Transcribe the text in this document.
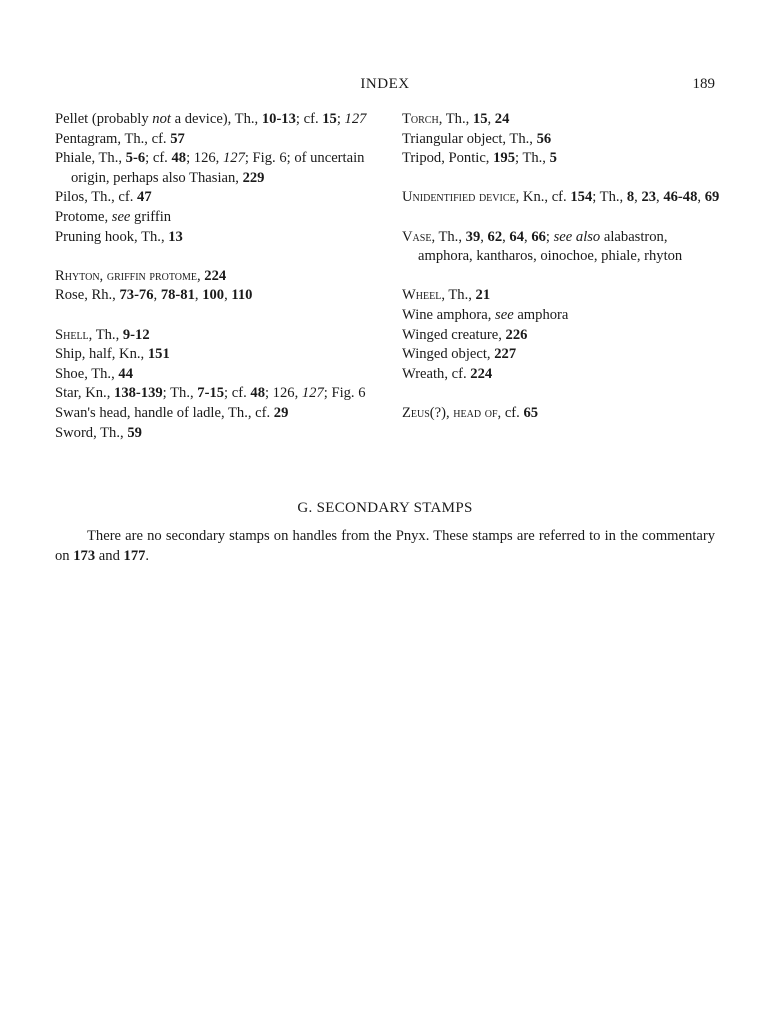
INDEX	189
Pellet (probably not a device), Th., 10-13; cf. 15; 127
Pentagram, Th., cf. 57
Phiale, Th., 5-6; cf. 48; 126, 127; Fig. 6; of uncertain origin, perhaps also Thasian, 229
Pilos, Th., cf. 47
Protome, see griffin
Pruning hook, Th., 13
Rhyton, griffin protome, 224
Rose, Rh., 73-76, 78-81, 100, 110
Shell, Th., 9-12
Ship, half, Kn., 151
Shoe, Th., 44
Star, Kn., 138-139; Th., 7-15; cf. 48; 126, 127; Fig. 6
Swan's head, handle of ladle, Th., cf. 29
Sword, Th., 59
Torch, Th., 15, 24
Triangular object, Th., 56
Tripod, Pontic, 195; Th., 5
Unidentified device, Kn., cf. 154; Th., 8, 23, 46-48, 69
Vase, Th., 39, 62, 64, 66; see also alabastron, amphora, kantharos, oinochoe, phiale, rhyton
Wheel, Th., 21
Wine amphora, see amphora
Winged creature, 226
Winged object, 227
Wreath, cf. 224
Zeus(?), head of, cf. 65
G. SECONDARY STAMPS

There are no secondary stamps on handles from the Pnyx. These stamps are referred to in the commentary on 173 and 177.
